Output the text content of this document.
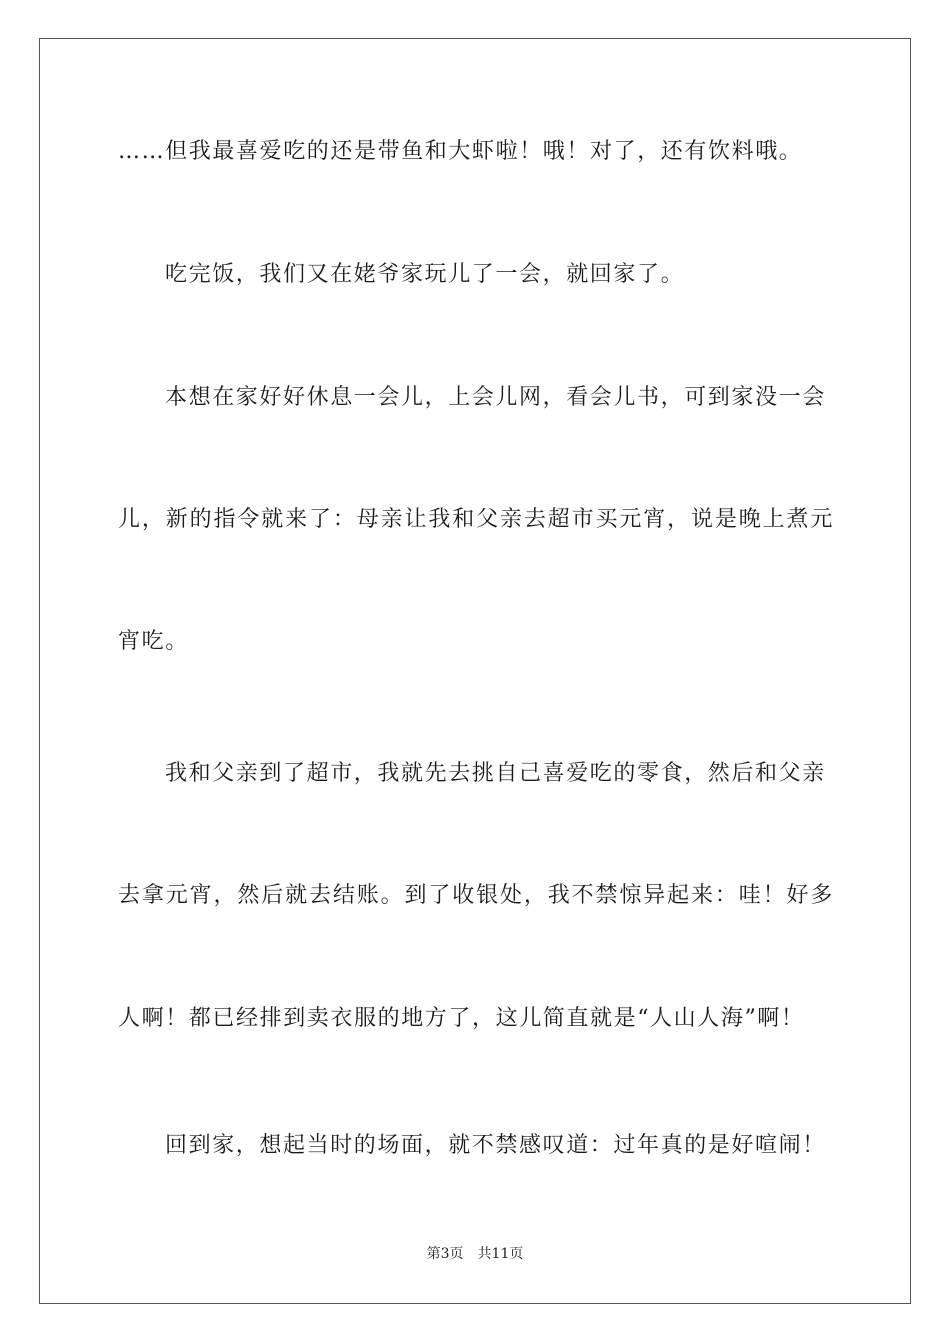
……但我最喜爱吃的还是带鱼和大虾啦！哦！对了，还有饮料哦。
吃完饭，我们又在姥爷家玩儿了一会，就回家了。
本想在家好好休息一会儿，上会儿网，看会儿书，可到家没一会
儿，新的指令就来了：母亲让我和父亲去超市买元宵，说是晚上煮元
宵吃。
我和父亲到了超市，我就先去挑自己喜爱吃的零食，然后和父亲
去拿元宵，然后就去结账。到了收银处，我不禁惊异起来：哇！好多
人啊！都已经排到卖衣服的地方了，这儿简直就是“人山人海”啊！
回到家，想起当时的场面，就不禁感叹道：过年真的是好喧闹！
第3页 共11页
